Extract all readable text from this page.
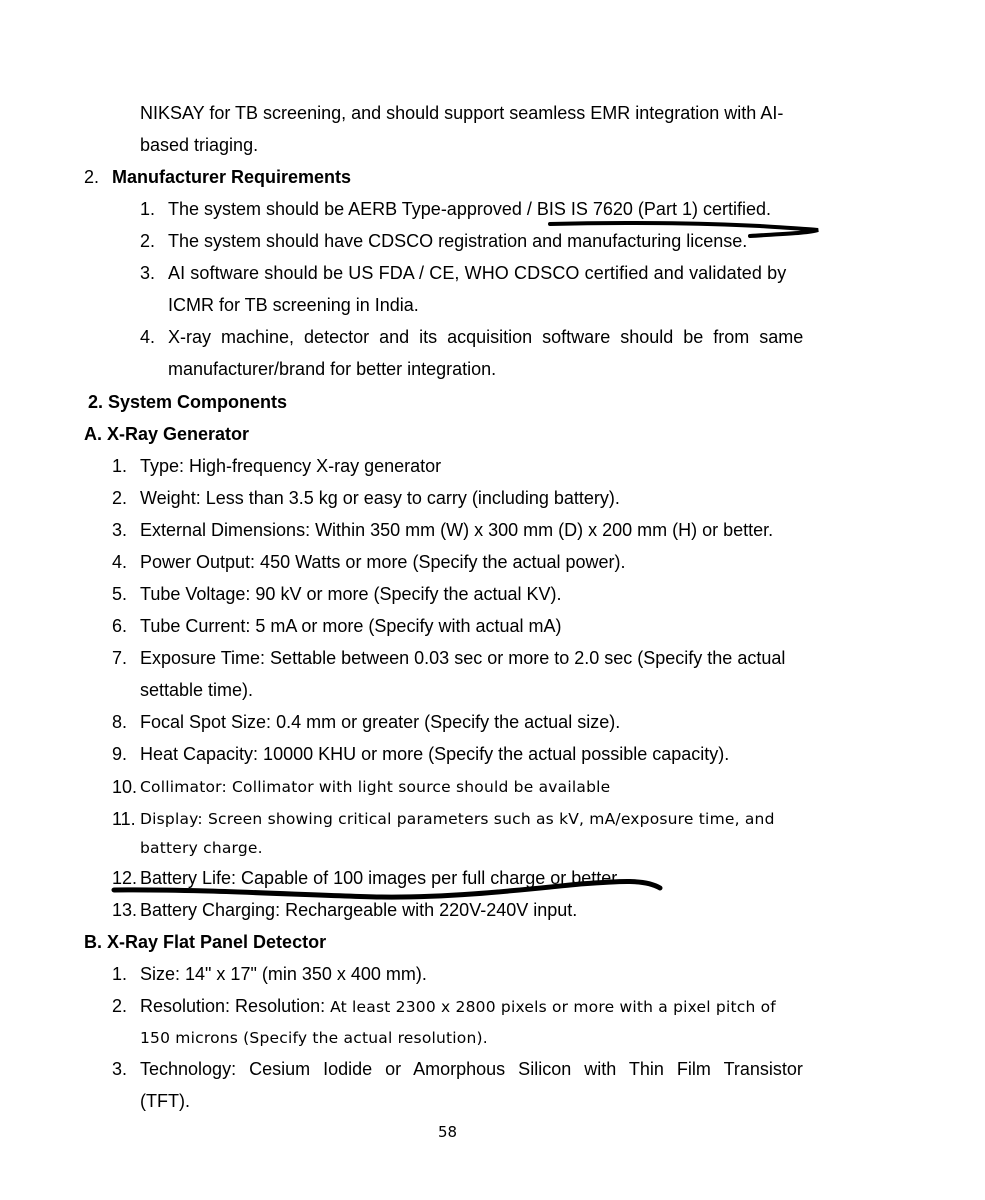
NIKSAY for TB screening, and should support seamless EMR integration with AI-
based triaging.
2. Manufacturer Requirements
1. The system should be AERB Type-approved / BIS IS 7620 (Part 1) certified.
2. The system should have CDSCO registration and manufacturing license.
3. AI software should be US FDA / CE, WHO CDSCO certified and validated by
ICMR for TB screening in India.
4. X-ray machine, detector and its acquisition software should be from same
manufacturer/brand for better integration.
2. System Components
A. X-Ray Generator
1. Type: High-frequency X-ray generator
2. Weight: Less than 3.5 kg or easy to carry (including battery).
3. External Dimensions: Within 350 mm (W) x 300 mm (D) x 200 mm (H) or better.
4. Power Output: 450 Watts or more (Specify the actual power).
5. Tube Voltage: 90 kV or more (Specify the actual KV).
6. Tube Current: 5 mA or more (Specify with actual mA)
7. Exposure Time: Settable between 0.03 sec or more to 2.0 sec (Specify the actual
settable time).
8. Focal Spot Size: 0.4 mm or greater (Specify the actual size).
9. Heat Capacity: 10000 KHU or more (Specify the actual possible capacity).
10. Collimator: Collimator with light source should be available
11. Display: Screen showing critical parameters such as kV, mA/exposure time, and
battery charge.
12. Battery Life: Capable of 100 images per full charge or better.
13. Battery Charging: Rechargeable with 220V-240V input.
B. X-Ray Flat Panel Detector
1. Size: 14" x 17" (min 350 x 400 mm).
2. Resolution: Resolution: At least 2300 x 2800 pixels or more with a pixel pitch of
150 microns (Specify the actual resolution).
3. Technology: Cesium Iodide or Amorphous Silicon with Thin Film Transistor
(TFT).
58
